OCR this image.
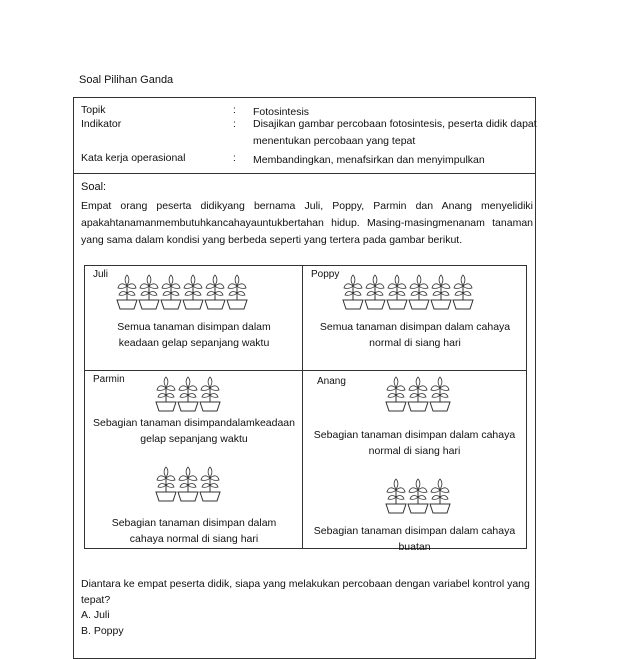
Soal Pilihan Ganda
Topik	: Fotosintesis
Indikator	: Disajikan gambar percobaan fotosintesis, peserta didik dapat menentukan percobaan yang tepat
Kata kerja operasional	: Membandingkan, menafsirkan dan menyimpulkan
Soal:
Empat orang peserta didikyang bernama Juli, Poppy, Parmin dan Anang menyelidiki apakahtanamanmembutuhkancahayauntukbertahan hidup. Masing-masingmenanam tanaman yang sama dalam kondisi yang berbeda seperti yang tertera pada gambar berikut.
Juli
Semua tanaman disimpan dalam keadaan gelap sepanjang waktu
Poppy
Semua tanaman disimpan dalam cahaya normal di siang hari
Parmin
Sebagian tanaman disimpandalamkeadaan gelap sepanjang waktu
Sebagian tanaman disimpan dalam cahaya normal di siang hari
Anang
Sebagian tanaman disimpan dalam cahaya normal di siang hari
Sebagian tanaman disimpan dalam cahaya buatan
Diantara ke empat peserta didik, siapa yang melakukan percobaan dengan variabel kontrol yang tepat?
A. Juli
B. Poppy
